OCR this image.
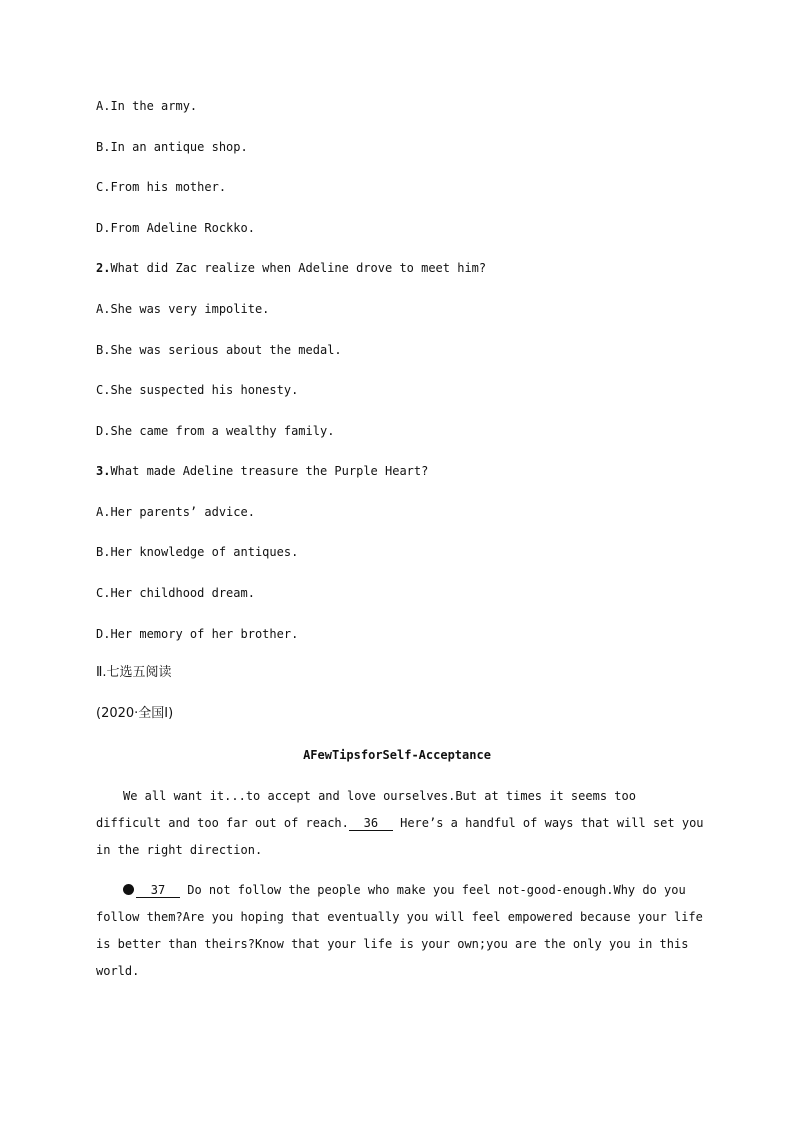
A.In the army.
B.In an antique shop.
C.From his mother.
D.From Adeline Rockko.
2.What did Zac realize when Adeline drove to meet him?
A.She was very impolite.
B.She was serious about the medal.
C.She suspected his honesty.
D.She came from a wealthy family.
3.What made Adeline treasure the Purple Heart?
A.Her parents’ advice.
B.Her knowledge of antiques.
C.Her childhood dream.
D.Her memory of her brother.
Ⅱ.七选五阅读
(2020·全国Ⅰ)
AFewTipsforSelf-Acceptance
We all want it...to accept and love ourselves.But at times it seems too difficult and too far out of reach. 36 Here’s a handful of ways that will set you in the right direction.
37 Do not follow the people who make you feel not-good-enough.Why do you follow them?Are you hoping that eventually you will feel empowered because your life is better than theirs?Know that your life is your own;you are the only you in this world.
